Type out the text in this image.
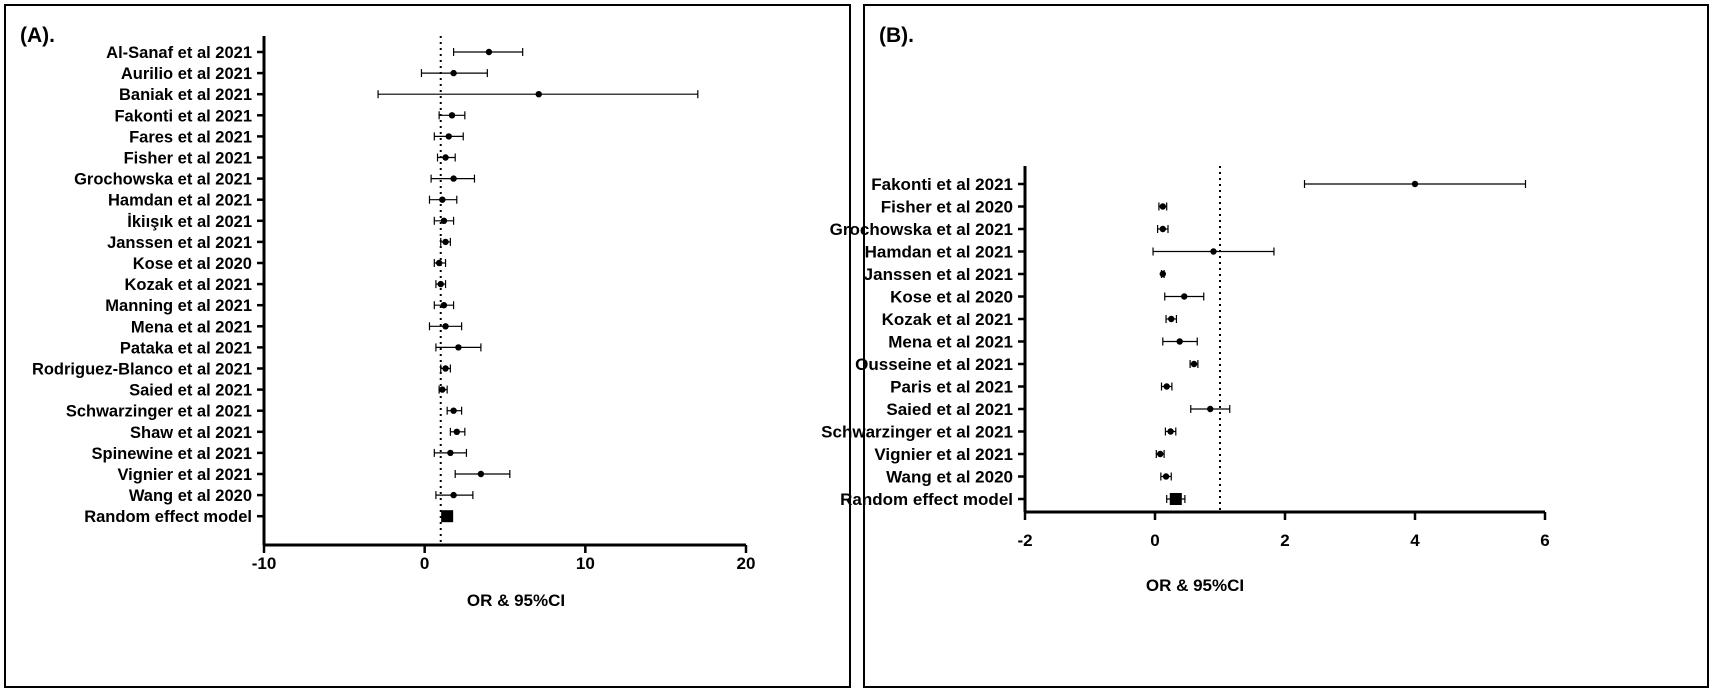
(A).
-10	0	10	20
OR & 95%CI
Al-Sanaf et al 2021
Aurilio et al 2021
Baniak et al 2021
Fakonti et al 2021
Fares et al 2021
Fisher et al 2021
Grochowska et al 2021
Hamdan et al 2021
İkiışık et al 2021
Janssen et al 2021
Kose et al 2020
Kozak et al 2021
Manning et al 2021
Mena et al 2021
Pataka et al 2021
Rodriguez-Blanco et al 2021
Saied et al 2021
Schwarzinger et al 2021
Shaw et al 2021
Spinewine et al 2021
Vignier et al 2021
Wang et al 2020
Random effect model
(B).
-2	0	2	4	6
OR & 95%CI
Fakonti et al 2021
Fisher et al 2020
Grochowska et al 2021
Hamdan et al 2021
Janssen et al 2021
Kose et al 2020
Kozak et al 2021
Mena et al 2021
Ousseine et al 2021
Paris et al 2021
Saied et al 2021
Schwarzinger et al 2021
Vignier et al 2021
Wang et al 2020
Random effect model
